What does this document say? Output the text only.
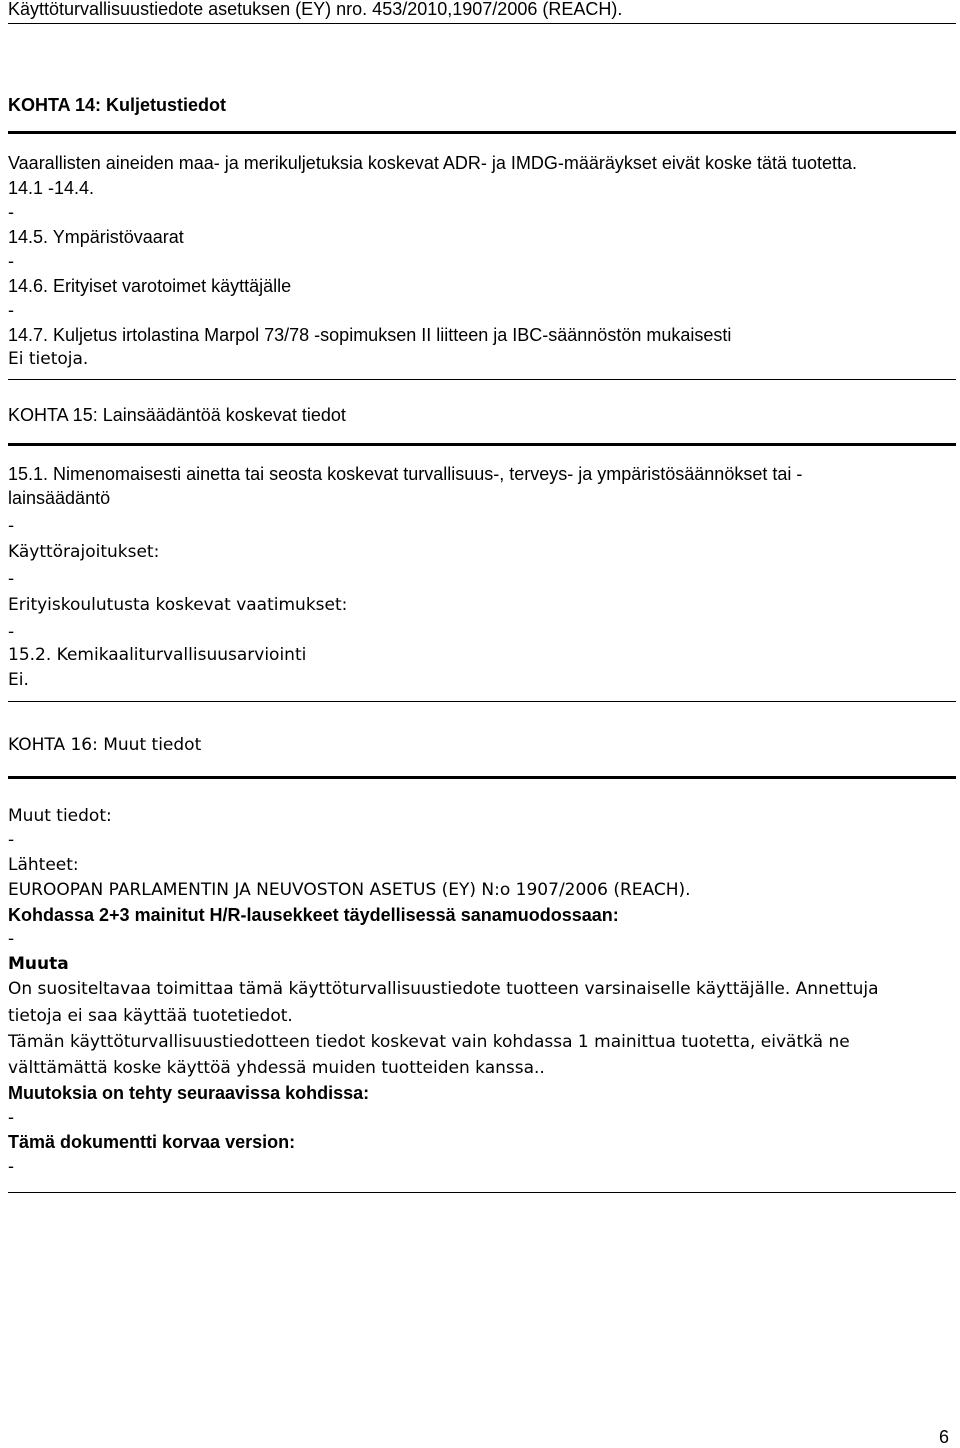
Käyttöturvallisuustiedote asetuksen (EY) nro. 453/2010,1907/2006 (REACH).
KOHTA 14: Kuljetustiedot
Vaarallisten aineiden maa- ja merikuljetuksia koskevat ADR- ja IMDG-määräykset eivät koske tätä tuotetta.
14.1 -14.4.
-
14.5. Ympäristövaarat
-
14.6. Erityiset varotoimet käyttäjälle
-
14.7. Kuljetus irtolastina Marpol 73/78 -sopimuksen II liitteen ja IBC-säännöstön mukaisesti
Ei tietoja.
KOHTA 15: Lainsäädäntöä koskevat tiedot
15.1. Nimenomaisesti ainetta tai seosta koskevat turvallisuus-, terveys- ja ympäristösäännökset tai -
lainsäädäntö
-
Käyttörajoitukset:
-
Erityiskoulutusta koskevat vaatimukset:
-
15.2. Kemikaaliturvallisuusarviointi
Ei.
KOHTA 16: Muut tiedot
Muut tiedot:
-
Lähteet:
EUROOPAN PARLAMENTIN JA NEUVOSTON ASETUS (EY) N:o 1907/2006 (REACH).
Kohdassa 2+3 mainitut H/R-lausekkeet täydellisessä sanamuodossaan:
-
Muuta
On suositeltavaa toimittaa tämä käyttöturvallisuustiedote tuotteen varsinaiselle käyttäjälle. Annettuja
tietoja ei saa käyttää tuotetiedot.
Tämän käyttöturvallisuustiedotteen tiedot koskevat vain kohdassa 1 mainittua tuotetta, eivätkä ne
välttämättä koske käyttöä yhdessä muiden tuotteiden kanssa..
Muutoksia on tehty seuraavissa kohdissa:
-
Tämä dokumentti korvaa version:
-
6
